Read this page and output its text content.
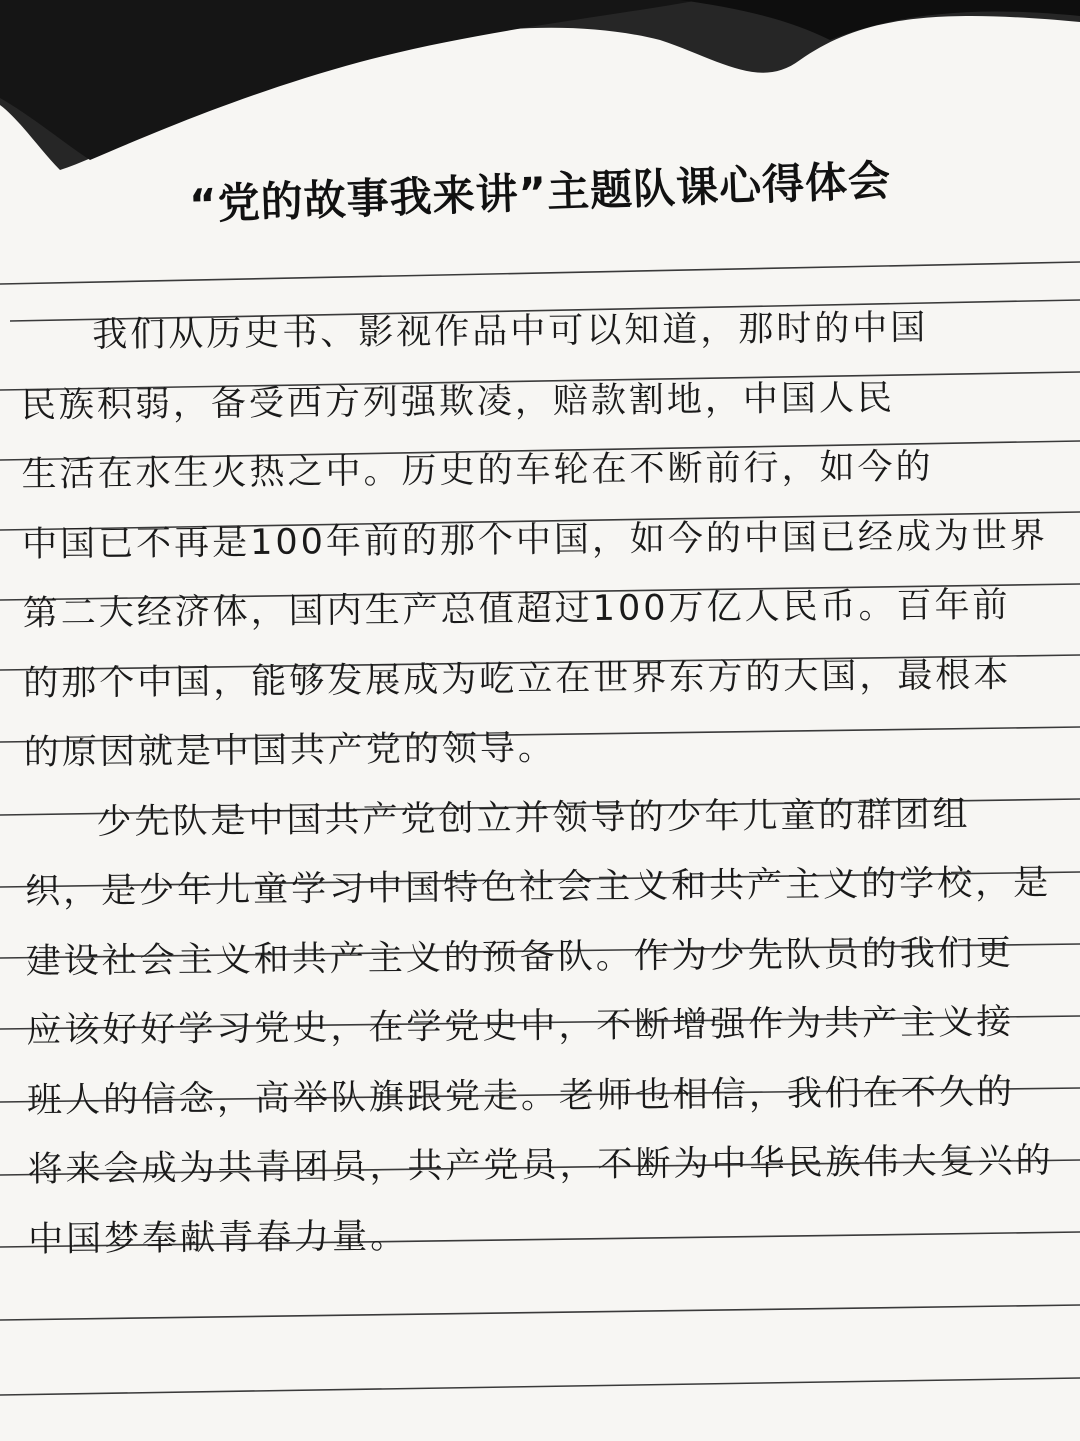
“党的故事我来讲”主题队课心得体会
我们从历史书、影视作品中可以知道，那时的中国
民族积弱，备受西方列强欺凌，赔款割地，中国人民
生活在水生火热之中。历史的车轮在不断前行，如今的
中国已不再是100年前的那个中国，如今的中国已经成为世界
第二大经济体，国内生产总值超过100万亿人民币。百年前
的那个中国，能够发展成为屹立在世界东方的大国，最根本
的原因就是中国共产党的领导。
少先队是中国共产党创立并领导的少年儿童的群团组
织，是少年儿童学习中国特色社会主义和共产主义的学校，是
建设社会主义和共产主义的预备队。作为少先队员的我们更
应该好好学习党史，在学党史中，不断增强作为共产主义接
班人的信念，高举队旗跟党走。老师也相信，我们在不久的
将来会成为共青团员，共产党员，不断为中华民族伟大复兴的
中国梦奉献青春力量。
